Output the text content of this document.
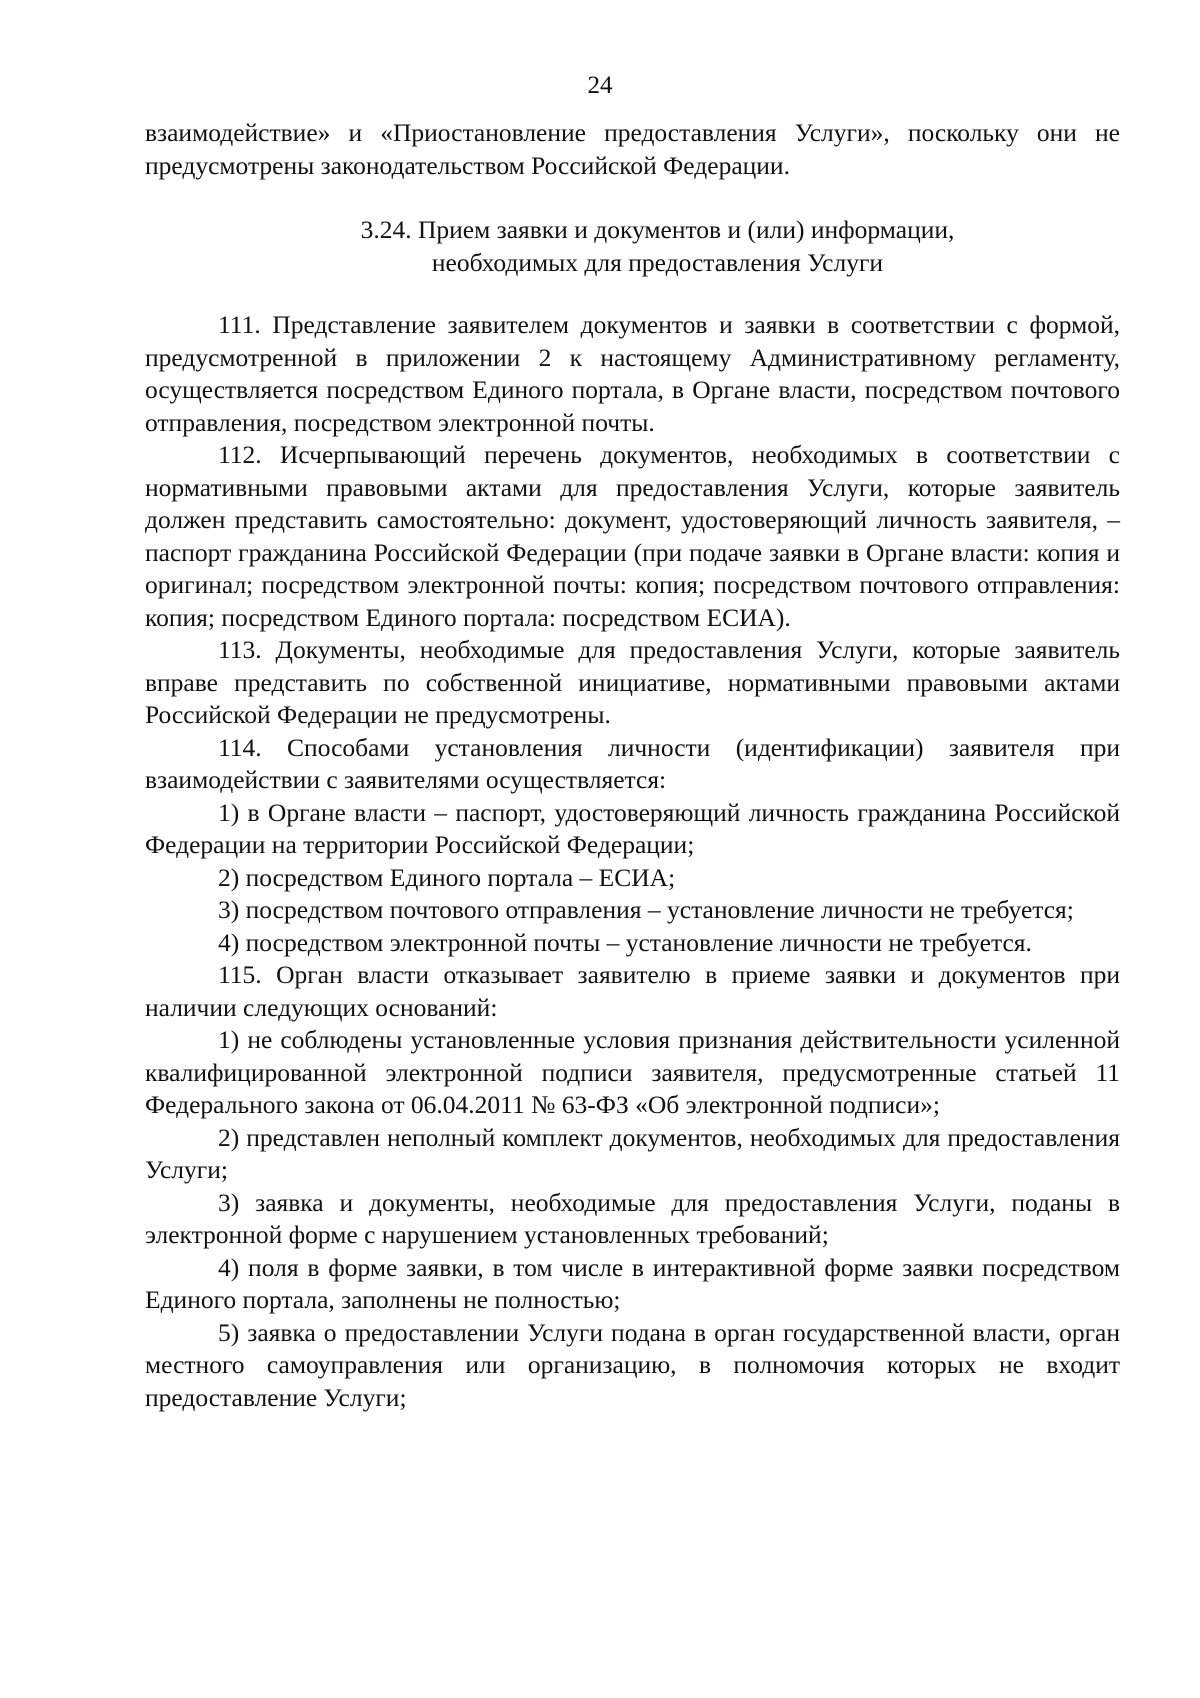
24

взаимодействие» и «Приостановление предоставления Услуги», поскольку они не предусмотрены законодательством Российской Федерации.

3.24. Прием заявки и документов и (или) информации,
необходимых для предоставления Услуги

111. Представление заявителем документов и заявки в соответствии с формой, предусмотренной в приложении 2 к настоящему Административному регламенту, осуществляется посредством Единого портала, в Органе власти, посредством почтового отправления, посредством электронной почты.

112. Исчерпывающий перечень документов, необходимых в соответствии с нормативными правовыми актами для предоставления Услуги, которые заявитель должен представить самостоятельно: документ, удостоверяющий личность заявителя, – паспорт гражданина Российской Федерации (при подаче заявки в Органе власти: копия и оригинал; посредством электронной почты: копия; посредством почтового отправления: копия; посредством Единого портала: посредством ЕСИА).

113. Документы, необходимые для предоставления Услуги, которые заявитель вправе представить по собственной инициативе, нормативными правовыми актами Российской Федерации не предусмотрены.

114. Способами установления личности (идентификации) заявителя при взаимодействии с заявителями осуществляется:

1) в Органе власти – паспорт, удостоверяющий личность гражданина Российской Федерации на территории Российской Федерации;

2) посредством Единого портала – ЕСИА;

3) посредством почтового отправления – установление личности не требуется;

4) посредством электронной почты – установление личности не требуется.

115. Орган власти отказывает заявителю в приеме заявки и документов при наличии следующих оснований:

1) не соблюдены установленные условия признания действительности усиленной квалифицированной электронной подписи заявителя, предусмотренные статьей 11 Федерального закона от 06.04.2011 № 63-ФЗ «Об электронной подписи»;

2) представлен неполный комплект документов, необходимых для предоставления Услуги;

3) заявка и документы, необходимые для предоставления Услуги, поданы в электронной форме с нарушением установленных требований;

4) поля в форме заявки, в том числе в интерактивной форме заявки посредством Единого портала, заполнены не полностью;

5) заявка о предоставлении Услуги подана в орган государственной власти, орган местного самоуправления или организацию, в полномочия которых не входит предоставление Услуги;
